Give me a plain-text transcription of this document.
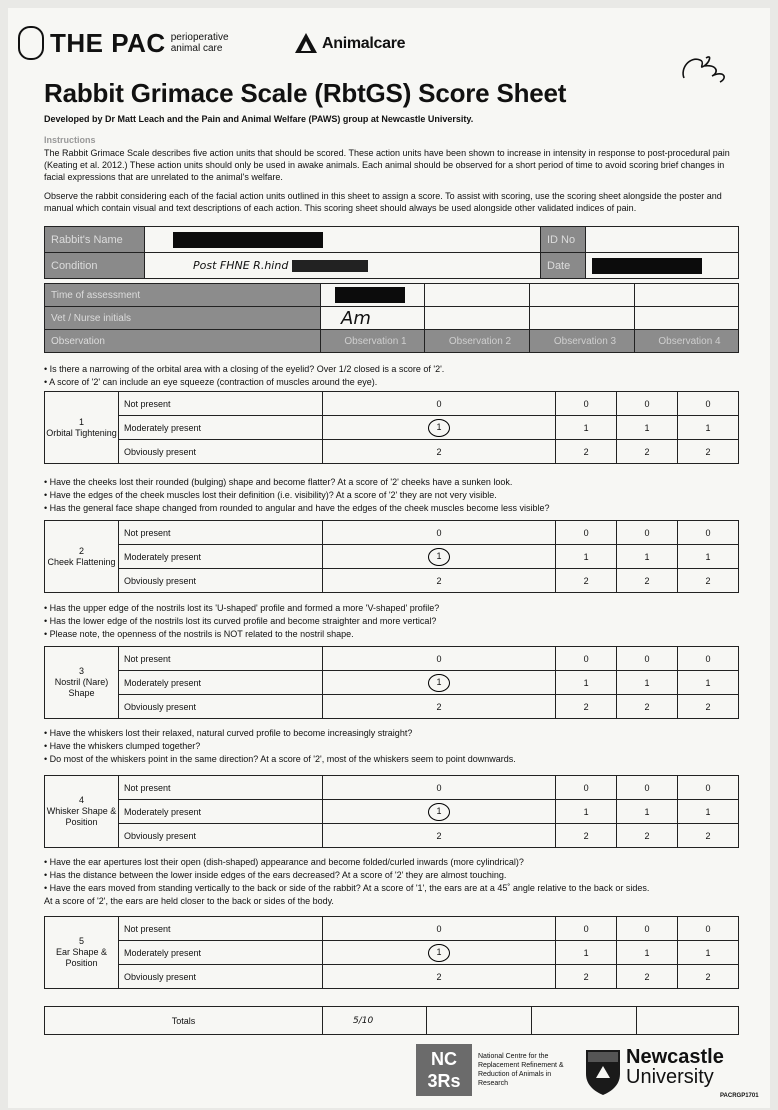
THE PAC perioperative
animal care	Animalcare
Rabbit Grimace Scale (RbtGS) Score Sheet
Developed by Dr Matt Leach and the Pain and Animal Welfare (PAWS) group at Newcastle University.
Instructions
The Rabbit Grimace Scale describes five action units that should be scored. These action units have been shown to increase in intensity in response to post-procedural pain (Keating et al. 2012.) These action units should only be used in awake animals. Each animal should be observed for a short period of time to avoid scoring brief changes in facial expressions that are unrelated to the animal's welfare.
Observe the rabbit considering each of the facial action units outlined in this sheet to assign a score. To assist with scoring, use the scoring sheet alongside the poster and manual which contain visual and text descriptions of each action. This scoring sheet should always be used alongside other validated indices of pain.
Rabbit's Name		ID No	
Condition	Post FHNE R.hind	Date	
Time of assessment				
Vet / Nurse initials	Am			
Observation	Observation 1	Observation 2	Observation 3	Observation 4
• Is there a narrowing of the orbital area with a closing of the eyelid? Over 1/2 closed is a score of '2'.
• A score of '2' can include an eye squeeze (contraction of muscles around the eye).
1
Orbital Tightening	Not present	0	0	0	0
	Moderately present	1	1	1	1
	Obviously present	2	2	2	2
• Have the cheeks lost their rounded (bulging) shape and become flatter? At a score of '2' cheeks have a sunken look.
• Have the edges of the cheek muscles lost their definition (i.e. visibility)? At a score of '2' they are not very visible.
• Has the general face shape changed from rounded to angular and have the edges of the cheek muscles become less visible?
2
Cheek Flattening	Not present	0	0	0	0
	Moderately present	1	1	1	1
	Obviously present	2	2	2	2
• Has the upper edge of the nostrils lost its 'U-shaped' profile and formed a more 'V-shaped' profile?
• Has the lower edge of the nostrils lost its curved profile and become straighter and more vertical?
• Please note, the openness of the nostrils is NOT related to the nostril shape.
3
Nostril (Nare) Shape	Not present	0	0	0	0
	Moderately present	1	1	1	1
	Obviously present	2	2	2	2
• Have the whiskers lost their relaxed, natural curved profile to become increasingly straight?
• Have the whiskers clumped together?
• Do most of the whiskers point in the same direction? At a score of '2', most of the whiskers seem to point downwards.
4
Whisker Shape & Position	Not present	0	0	0	0
	Moderately present	1	1	1	1
	Obviously present	2	2	2	2
• Have the ear apertures lost their open (dish-shaped) appearance and become folded/curled inwards (more cylindrical)?
• Has the distance between the lower inside edges of the ears decreased? At a score of '2' they are almost touching.
• Have the ears moved from standing vertically to the back or side of the rabbit? At a score of '1', the ears are at a 45˚ angle relative to the back or sides.
At a score of '2', the ears are held closer to the back or sides of the body.
5
Ear Shape & Position	Not present	0	0	0	0
	Moderately present	1	1	1	1
	Obviously present	2	2	2	2
Totals	5/10			
NC
3Rs
National Centre for the Replacement Refinement & Reduction of Animals in Research
Newcastle
University
PACRGP1701
